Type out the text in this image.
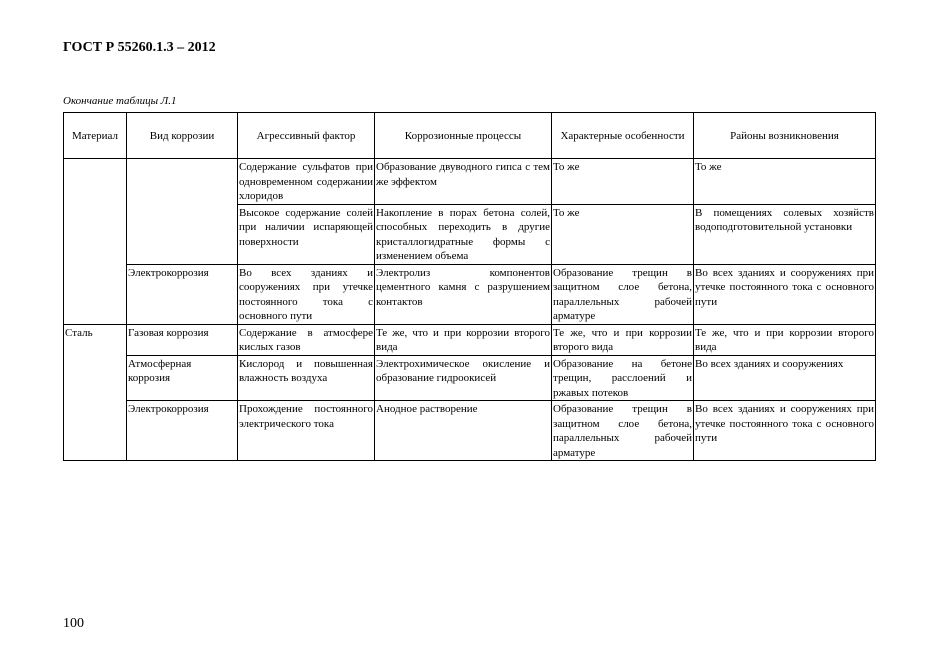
ГОСТ Р 55260.1.3 – 2012
Окончание таблицы Л.1
Материал	Вид коррозии	Агрессивный фактор	Коррозионные процессы	Характерные особенности	Районы возникновения
		Содержание сульфатов при одновременном содержании хлоридов	Образование двуводного гипса с тем же эффектом	То же	То же
		Высокое содержание солей при наличии испаряющей поверхности	Накопление в порах бетона солей, способных переходить в другие кристаллогидратные формы с изменением объема	То же	В помещениях солевых хозяйств водоподготовительной установки
	Электрокоррозия	Во всех зданиях и сооружениях при утечке постоянного тока с основного пути	Электролиз компонентов цементного камня с разрушением контактов	Образование трещин в защитном слое бетона, параллельных рабочей арматуре	Во всех зданиях и сооружениях при утечке постоянного тока с основного пути
Сталь	Газовая коррозия	Содержание в атмосфере кислых газов	Те же, что и при коррозии второго вида	Те же, что и при коррозии второго вида	Те же, что и при коррозии второго вида
	Атмосферная коррозия	Кислород и повышенная влажность воздуха	Электрохимическое окисление и образование гидроокисей	Образование на бетоне трещин, расслоений и ржавых потеков	Во всех зданиях и сооружениях
	Электрокоррозия	Прохождение постоянного электрического тока	Анодное растворение	Образование трещин в защитном слое бетона, параллельных рабочей арматуре	Во всех зданиях и сооружениях при утечке постоянного тока с основного пути
100
